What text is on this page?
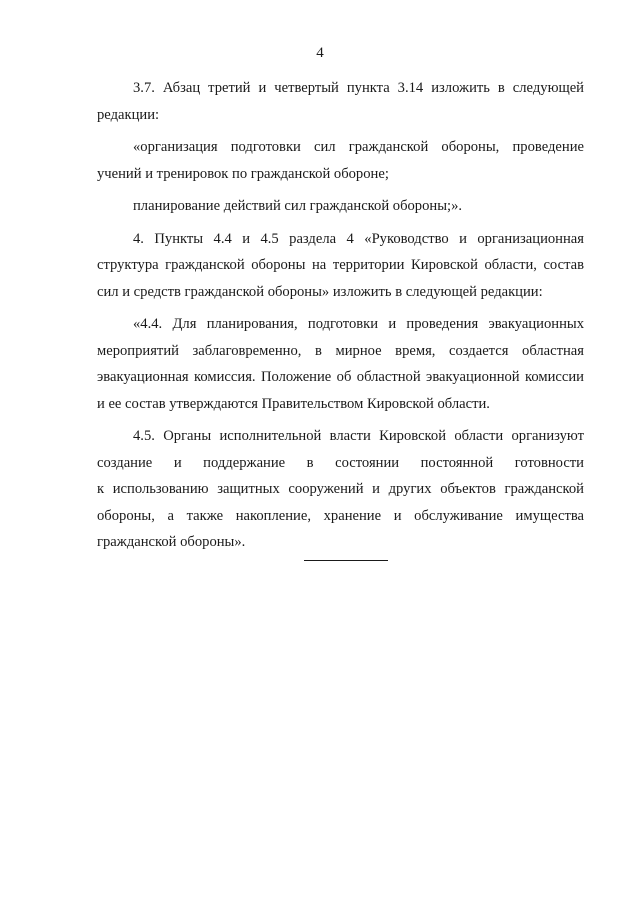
4
3.7. Абзац третий и четвертый пункта 3.14 изложить в следующей
редакции:
«организация подготовки сил гражданской обороны, проведение
учений и тренировок по гражданской обороне;
планирование действий сил гражданской обороны;».
4. Пункты 4.4 и 4.5 раздела 4 «Руководство и организационная
структура гражданской обороны на территории Кировской области, состав
сил и средств гражданской обороны» изложить в следующей редакции:
«4.4. Для планирования, подготовки и проведения эвакуационных
мероприятий заблаговременно, в мирное время, создается областная
эвакуационная комиссия. Положение об областной эвакуационной комиссии
и ее состав утверждаются Правительством Кировской области.
4.5. Органы исполнительной власти Кировской области организуют
создание и поддержание в состоянии постоянной готовности
к использованию защитных сооружений и других объектов гражданской
обороны, а также накопление, хранение и обслуживание имущества
гражданской обороны».
